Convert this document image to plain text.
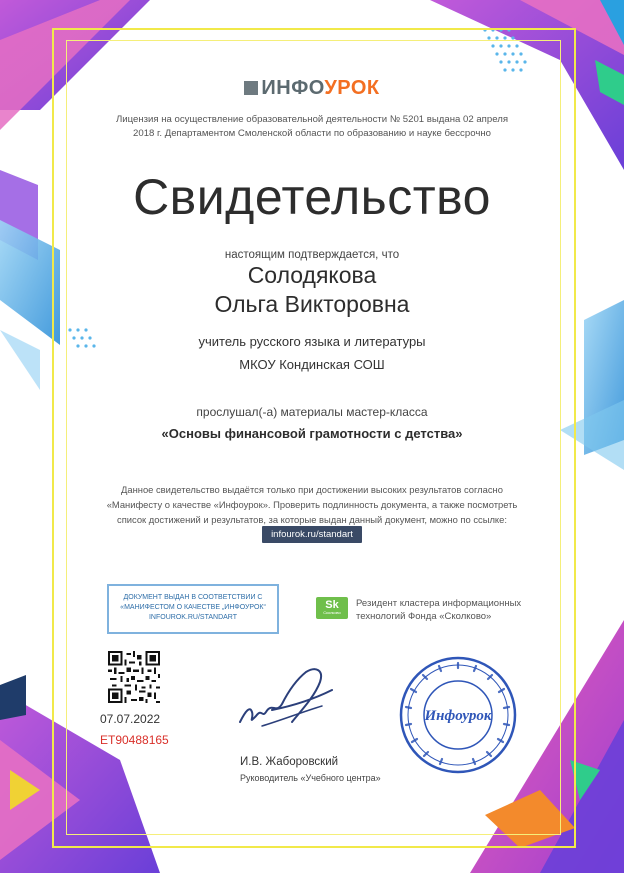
ИНФОУРОК
Лицензия на осуществление образовательной деятельности № 5201 выдана 02 апреля
2018 г. Департаментом Смоленской области по образованию и науке бессрочно
Свидетельство
настоящим подтверждается, что
Солодякова
Ольга Викторовна
учитель русского языка и литературы
МКОУ Кондинская СОШ
прослушал(-а) материалы мастер-класса
«Основы финансовой грамотности с детства»
Данное свидетельство выдаётся только при достижении высоких результатов согласно
«Манифесту о качестве «Инфоурок». Проверить подлинность документа, а также посмотреть
список достижений и результатов, за которые выдан данный документ, можно по ссылке:
infourok.ru/standart
ДОКУМЕНТ ВЫДАН В СООТВЕТСТВИИ С
«МАНИФЕСТОМ О КАЧЕСТВЕ „ИНФОУРОК“
INFOUROK.RU/STANDART
Sk
Сколково
Резидент кластера информационных
технологий Фонда «Сколково»
07.07.2022
ЕТ90488165
И.В. Жаборовский
Руководитель «Учебного центра»
Инфоурок
